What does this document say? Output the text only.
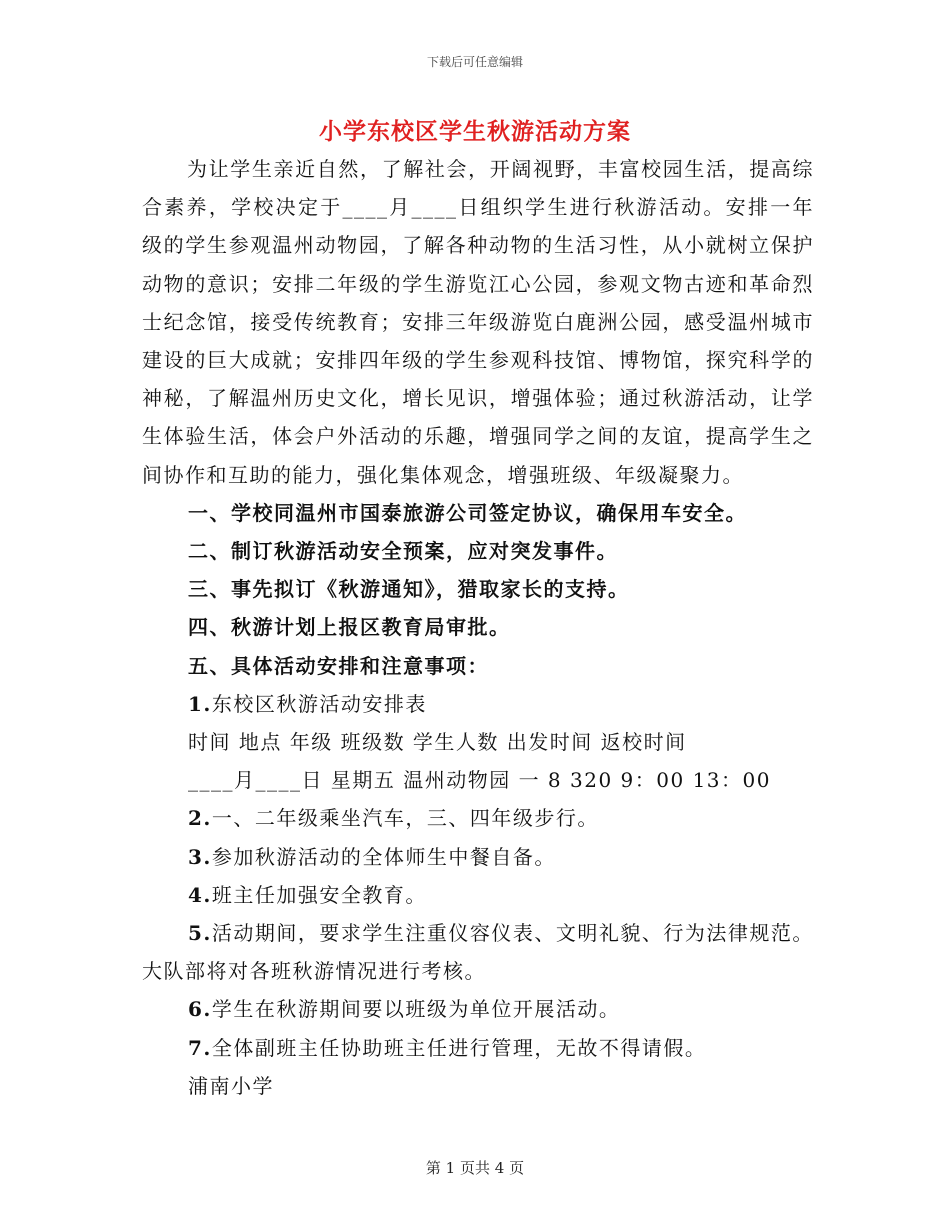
下载后可任意编辑
小学东校区学生秋游活动方案

为让学生亲近自然，了解社会，开阔视野，丰富校园生活，提高综合素养，学校决定于____月____日组织学生进行秋游活动。安排一年级的学生参观温州动物园，了解各种动物的生活习性，从小就树立保护动物的意识；安排二年级的学生游览江心公园，参观文物古迹和革命烈士纪念馆，接受传统教育；安排三年级游览白鹿洲公园，感受温州城市建设的巨大成就；安排四年级的学生参观科技馆、博物馆，探究科学的神秘，了解温州历史文化，增长见识，增强体验；通过秋游活动，让学生体验生活，体会户外活动的乐趣，增强同学之间的友谊，提高学生之间协作和互助的能力，强化集体观念，增强班级、年级凝聚力。

一、学校同温州市国泰旅游公司签定协议，确保用车安全。

二、制订秋游活动安全预案，应对突发事件。

三、事先拟订《秋游通知》，猎取家长的支持。

四、秋游计划上报区教育局审批。

五、具体活动安排和注意事项：

1.东校区秋游活动安排表

时间 地点 年级 班级数 学生人数 出发时间 返校时间

____月____日 星期五 温州动物园 一 8 320 9：00 13：00

2.一、二年级乘坐汽车，三、四年级步行。

3.参加秋游活动的全体师生中餐自备。

4.班主任加强安全教育。

5.活动期间，要求学生注重仪容仪表、文明礼貌、行为法律规范。大队部将对各班秋游情况进行考核。

6.学生在秋游期间要以班级为单位开展活动。

7.全体副班主任协助班主任进行管理，无故不得请假。

浦南小学

第 1 页共 4 页
